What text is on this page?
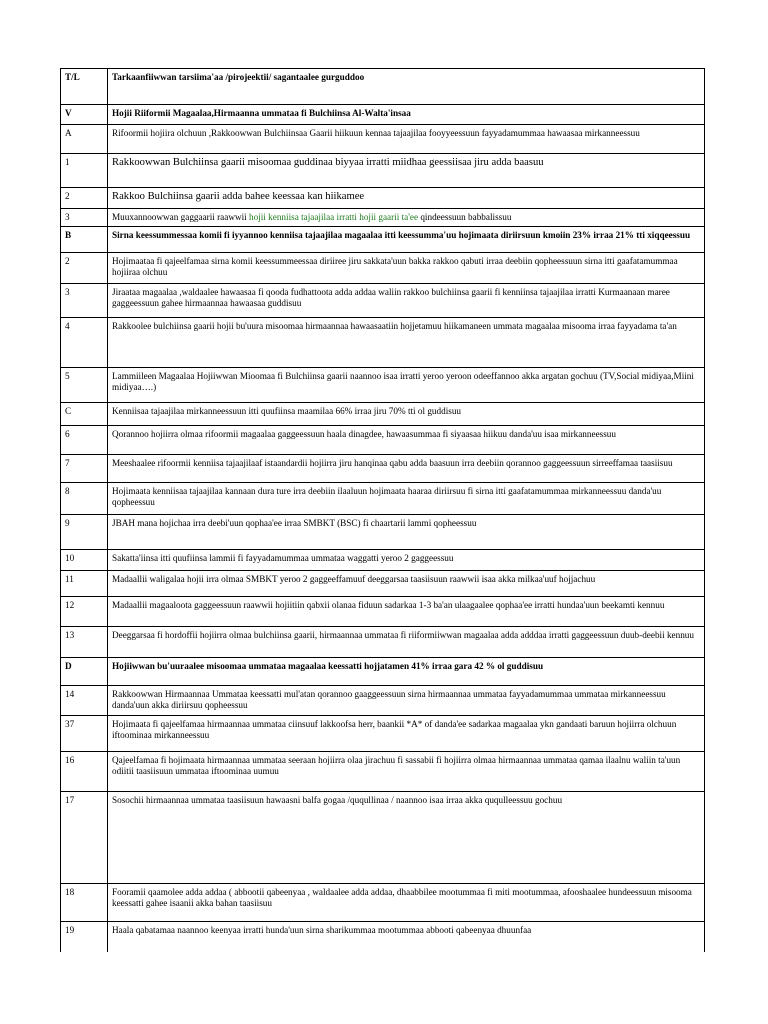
T/L	Tarkaanfiiwwan tarsiima'aa /pirojeektii/ sagantaalee gurguddoo
V	Hojii Riiformii Magaalaa,Hirmaanna ummataa fi Bulchiinsa Al-Walta'insaa
A	Rifoormii hojiira olchuun ,Rakkoowwan Bulchiinsaa Gaarii hiikuun kennaa tajaajilaa fooyyeessuun fayyadamummaa hawaasaa mirkanneessuu
1	Rakkoowwan Bulchiinsa gaarii misoomaa guddinaa biyyaa irratti miidhaa geessiisaa jiru adda baasuu
2	Rakkoo Bulchiinsa gaarii adda bahee keessaa kan hiikamee
3	Muuxannoowwan gaggaarii raawwii hojii kenniisa tajaajilaa irratti hojii gaarii ta'ee qindeessuun babbalissuu
B	Sirna keessummessaa komii fi iyyannoo kenniisa tajaajilaa magaalaa itti keessumma'uu hojimaata diriirsuun kmoiin 23% irraa 21% tti xiqqeessuu
2	Hojimaataa fi qajeelfamaa sirna komii keessummeessaa diriiree jiru sakkata'uun bakka rakkoo qabuti irraa deebiin qopheessuun sirna itti gaafatamummaa hojiiraa olchuu
3	Jiraataa magaalaa ,waldaalee hawaasaa fi qooda fudhattoota adda addaa waliin rakkoo bulchiinsa gaarii fi kenniinsa tajaajilaa irratti Kurmaanaan maree gaggeessuun gahee hirmaannaa hawaasaa guddisuu
4	Rakkoolee bulchiinsa gaarii hojii bu'uura misoomaa hirmaannaa hawaasaatiin hojjetamuu hiikamaneen ummata magaalaa misooma irraa fayyadama ta'an
5	Lammiileen Magaalaa Hojiiwwan Mioomaa fi Bulchiinsa gaarii naannoo isaa irratti yeroo yeroon odeeffannoo akka argatan gochuu (TV,Social midiyaa,Miini midiyaa….)
C	Kenniisaa tajaajilaa mirkanneessuun itti quufiinsa maamilaa 66% irraa jiru 70% tti ol guddisuu
6	Qorannoo hojiirra olmaa rifoormii magaalaa gaggeessuun haala dinagdee, hawaasummaa fi siyaasaa hiikuu danda'uu isaa mirkanneessuu
7	Meeshaalee rifoormii kenniisa tajaajilaaf istaandardii hojiirra jiru hanqinaa qabu adda baasuun irra deebiin qorannoo gaggeessuun sirreeffamaa taasiisuu
8	Hojimaata kenniisaa tajaajilaa kannaan dura ture irra deebiin ilaaluun hojimaata haaraa diriirsuu fi sirna itti gaafatamummaa mirkanneessuu danda'uu qopheessuu
9	JBAH mana hojichaa irra deebi'uun qophaa'ee irraa SMBKT (BSC) fi chaartarii lammi qopheessuu
10	Sakatta'iinsa itti quufiinsa lammii fi fayyadamummaa ummataa waggatti yeroo 2 gaggeessuu
11	Madaallii waligalaa hojii irra olmaa SMBKT yeroo 2 gaggeeffamuuf deeggarsaa taasiisuun raawwii isaa akka milkaa'uuf hojjachuu
12	Madaallii magaaloota gaggeessuun raawwii hojiitiin qabxii olanaa fiduun sadarkaa 1-3 ba'an ulaagaalee qophaa'ee irratti hundaa'uun beekamti kennuu
13	Deeggarsaa fi hordoffii hojiirra olmaa bulchiinsa gaarii, hirmaannaa ummataa fi riiformiiwwan magaalaa adda adddaa irratti gaggeessuun duub-deebii kennuu
D	Hojiiwwan bu'uuraalee misoomaa ummataa magaalaa keessatti hojjatamen 41% irraa gara 42 % ol guddisuu
14	Rakkoowwan Hirmaannaa Ummataa keessatti mul'atan qorannoo gaaggeessuun sirna hirmaannaa ummataa fayyadamummaa ummataa mirkanneessuu danda'uun akka diriirsuu qopheessuu
37	Hojimaata fi qajeelfamaa hirmaannaa ummataa ciinsuuf lakkoofsa herr, baankii *A* of danda'ee sadarkaa magaalaa ykn gandaati baruun hojiirra olchuun iftoominaa mirkanneessuu
16	Qajeelfamaa fi hojimaata hirmaannaa ummataa seeraan hojiirra olaa jirachuu fi sassabii fi hojiirra olmaa hirmaannaa ummataa qamaa ilaalnu waliin ta'uun odiitii taasiisuun ummataa iftoominaa uumuu
17	Sosochii hirmaannaa ummataa taasiisuun hawaasni balfa gogaa /ququllinaa / naannoo isaa irraa akka ququlleessuu gochuu
18	Fooramii qaamolee adda addaa ( abbootii qabeenyaa , waldaalee adda addaa, dhaabbilee mootummaa fi miti mootummaa, afooshaalee hundeessuun misooma keessatti gahee isaanii akka bahan taasiisuu
19	Haala qabatamaa naannoo keenyaa irratti hunda'uun sirna sharikummaa mootummaa abbooti qabeenyaa dhuunfaa
